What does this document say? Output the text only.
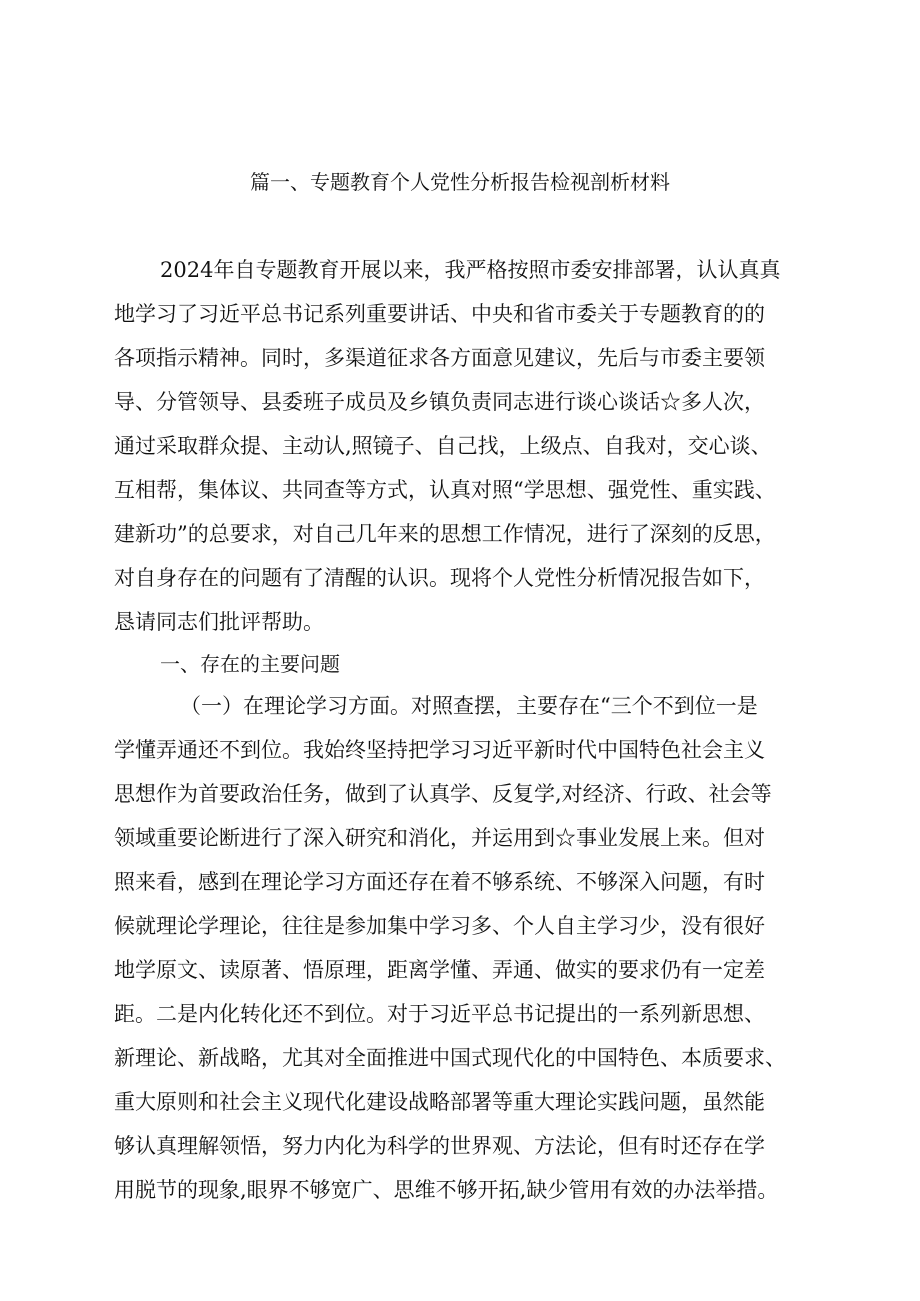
篇一、专题教育个人党性分析报告检视剖析材料
2024年自专题教育开展以来，我严格按照市委安排部署，认认真真
地学习了习近平总书记系列重要讲话、中央和省市委关于专题教育的的
各项指示精神。同时，多渠道征求各方面意见建议，先后与市委主要领
导、分管领导、县委班子成员及乡镇负责同志进行谈心谈话☆多人次，
通过采取群众提、主动认,照镜子、自己找，上级点、自我对，交心谈、
互相帮，集体议、共同查等方式，认真对照“学思想、强党性、重实践、
建新功”的总要求，对自己几年来的思想工作情况，进行了深刻的反思，
对自身存在的问题有了清醒的认识。现将个人党性分析情况报告如下，
恳请同志们批评帮助。
一、存在的主要问题
（一）在理论学习方面。对照查摆，主要存在“三个不到位一是
学懂弄通还不到位。我始终坚持把学习习近平新时代中国特色社会主义
思想作为首要政治任务，做到了认真学、反复学,对经济、行政、社会等
领域重要论断进行了深入研究和消化，并运用到☆事业发展上来。但对
照来看，感到在理论学习方面还存在着不够系统、不够深入问题，有时
候就理论学理论，往往是参加集中学习多、个人自主学习少，没有很好
地学原文、读原著、悟原理，距离学懂、弄通、做实的要求仍有一定差
距。二是内化转化还不到位。对于习近平总书记提出的一系列新思想、
新理论、新战略，尤其对全面推进中国式现代化的中国特色、本质要求、
重大原则和社会主义现代化建设战略部署等重大理论实践问题，虽然能
够认真理解领悟，努力内化为科学的世界观、方法论，但有时还存在学
用脱节的现象,眼界不够宽广、思维不够开拓,缺少管用有效的办法举措。
